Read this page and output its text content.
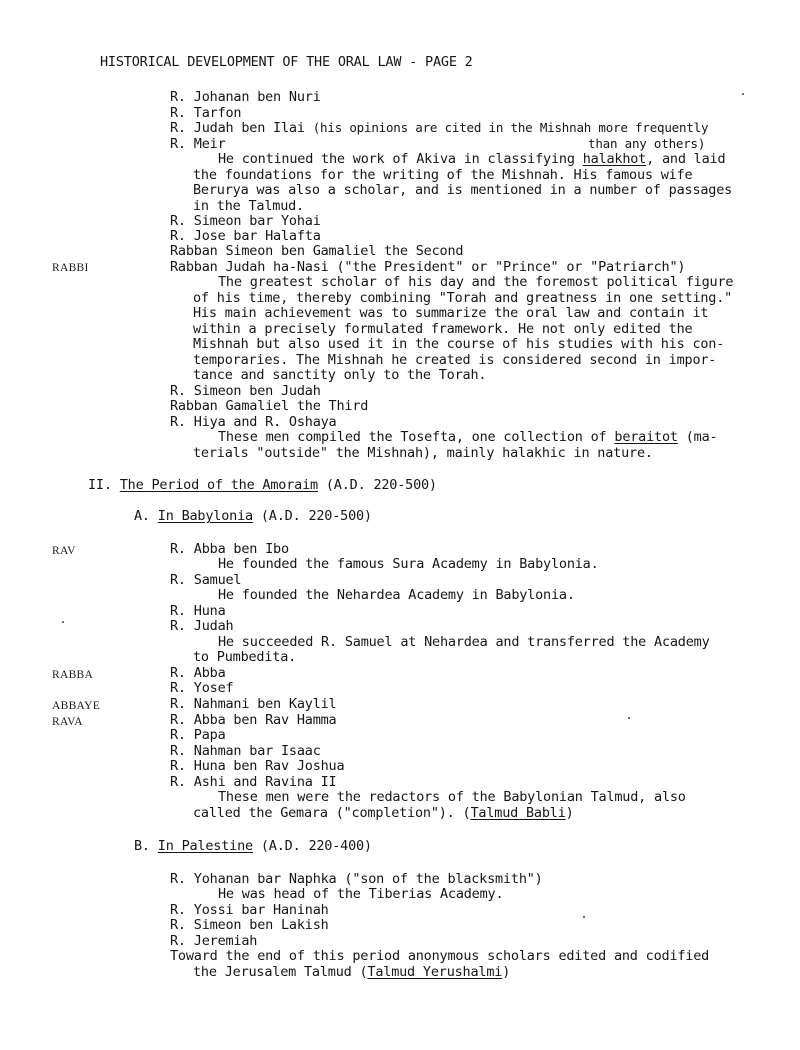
HISTORICAL DEVELOPMENT OF THE ORAL LAW - PAGE 2
R. Johanan ben Nuri
R. Tarfon
R. Judah ben Ilai (his opinions are cited in the Mishnah more frequently
R. Meir	than any others)
He continued the work of Akiva in classifying halakhot, and laid
the foundations for the writing of the Mishnah. His famous wife
Berurya was also a scholar, and is mentioned in a number of passages
in the Talmud.
R. Simeon bar Yohai
R. Jose bar Halafta
Rabban Simeon ben Gamaliel the Second
RABBI	Rabban Judah ha-Nasi ("the President" or "Prince" or "Patriarch")
The greatest scholar of his day and the foremost political figure
of his time, thereby combining "Torah and greatness in one setting."
His main achievement was to summarize the oral law and contain it
within a precisely formulated framework. He not only edited the
Mishnah but also used it in the course of his studies with his con-
temporaries. The Mishnah he created is considered second in impor-
tance and sanctity only to the Torah.
R. Simeon ben Judah
Rabban Gamaliel the Third
R. Hiya and R. Oshaya
These men compiled the Tosefta, one collection of beraitot (ma-
terials "outside" the Mishnah), mainly halakhic in nature.
II. The Period of the Amoraim (A.D. 220-500)
A. In Babylonia (A.D. 220-500)
RAV	R. Abba ben Ibo
He founded the famous Sura Academy in Babylonia.
R. Samuel
He founded the Nehardea Academy in Babylonia.
R. Huna
R. Judah
He succeeded R. Samuel at Nehardea and transferred the Academy
to Pumbedita.
RABBA	R. Abba
R. Yosef
ABBAYE	R. Nahmani ben Kaylil
RAVA	R. Abba ben Rav Hamma
R. Papa
R. Nahman bar Isaac
R. Huna ben Rav Joshua
R. Ashi and Ravina II
These men were the redactors of the Babylonian Talmud, also
called the Gemara ("completion"). (Talmud Babli)
B. In Palestine (A.D. 220-400)
R. Yohanan bar Naphka ("son of the blacksmith")
He was head of the Tiberias Academy.
R. Yossi bar Haninah
R. Simeon ben Lakish
R. Jeremiah
Toward the end of this period anonymous scholars edited and codified
the Jerusalem Talmud (Talmud Yerushalmi)
